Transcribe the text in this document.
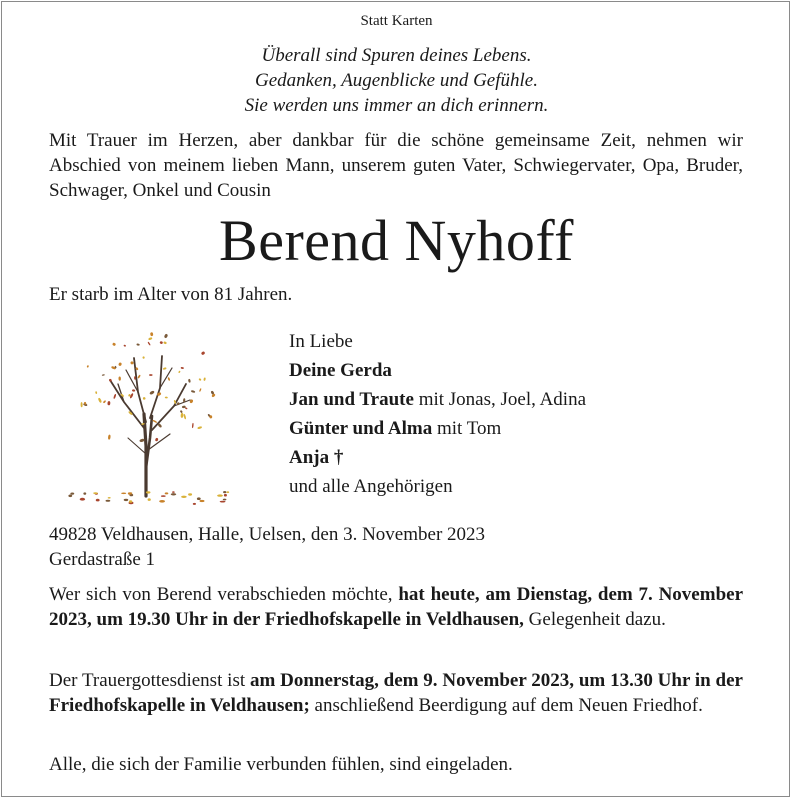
Statt Karten

Überall sind Spuren deines Lebens.
Gedanken, Augenblicke und Gefühle.
Sie werden uns immer an dich erinnern.

Mit Trauer im Herzen, aber dankbar für die schöne gemeinsame Zeit, nehmen wir Abschied von meinem lieben Mann, unserem guten Vater, Schwiegervater, Opa, Bruder, Schwager, Onkel und Cousin

Berend Nyhoff

Er starb im Alter von 81 Jahren.

In Liebe
Deine Gerda
Jan und Traute mit Jonas, Joel, Adina
Günter und Alma mit Tom
Anja †
und alle Angehörigen
49828 Veldhausen, Halle, Uelsen, den 3. November 2023
Gerdastraße 1

Wer sich von Berend verabschieden möchte, hat heute, am Dienstag, dem 7. November 2023, um 19.30 Uhr in der Friedhofskapelle in Veldhausen, Gelegenheit dazu.

Der Trauergottesdienst ist am Donnerstag, dem 9. November 2023, um 13.30 Uhr in der Friedhofskapelle in Veldhausen; anschließend Beerdigung auf dem Neuen Friedhof.

Alle, die sich der Familie verbunden fühlen, sind eingeladen.
